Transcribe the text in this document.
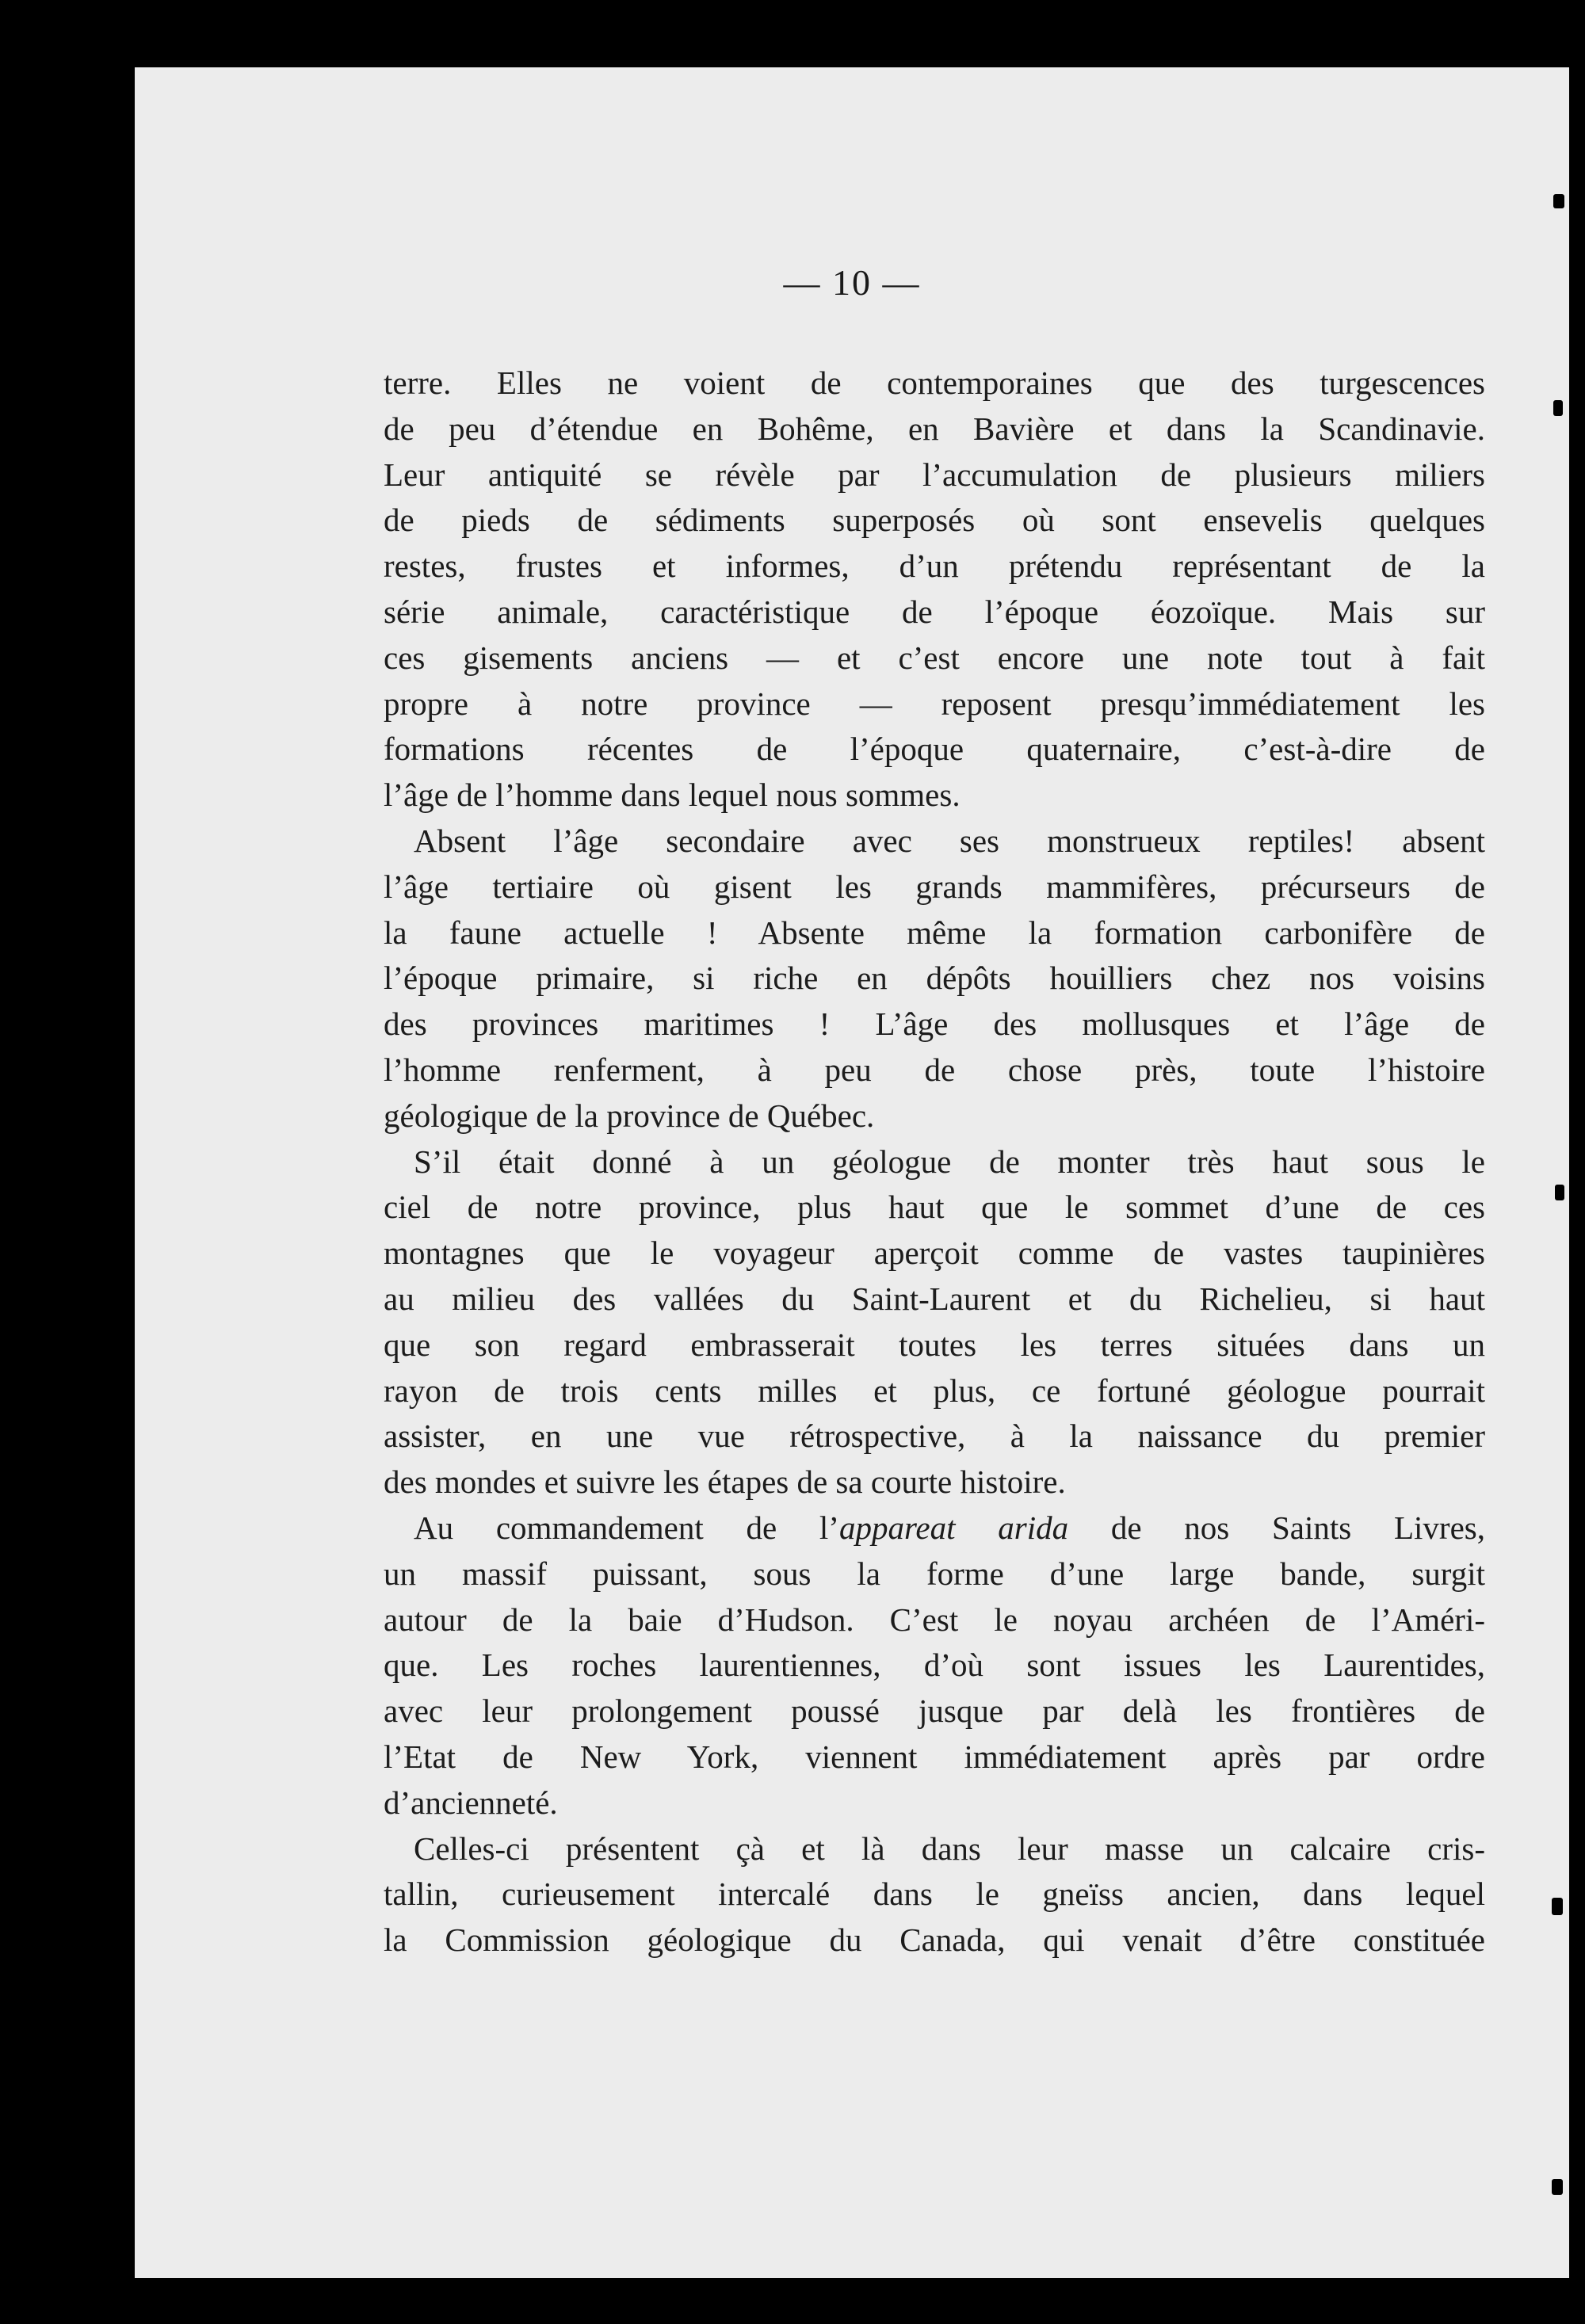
— 10 —

terre. Elles ne voient de contemporaines que des turgescences
de peu d’étendue en Bohême, en Bavière et dans la Scandinavie.
Leur antiquité se révèle par l’accumulation de plusieurs miliers
de pieds de sédiments superposés où sont ensevelis quelques
restes, frustes et informes, d’un prétendu représentant de la
série animale, caractéristique de l’époque éozoïque. Mais sur
ces gisements anciens — et c’est encore une note tout à fait
propre à notre province — reposent presqu’immédiatement les
formations récentes de l’époque quaternaire, c’est-à-dire de
l’âge de l’homme dans lequel nous sommes.

Absent l’âge secondaire avec ses monstrueux reptiles! absent
l’âge tertiaire où gisent les grands mammifères, précurseurs de
la faune actuelle ! Absente même la formation carbonifère de
l’époque primaire, si riche en dépôts houilliers chez nos voisins
des provinces maritimes ! L’âge des mollusques et l’âge de
l’homme renferment, à peu de chose près, toute l’histoire
géologique de la province de Québec.

S’il était donné à un géologue de monter très haut sous le
ciel de notre province, plus haut que le sommet d’une de ces
montagnes que le voyageur aperçoit comme de vastes taupinières
au milieu des vallées du Saint-Laurent et du Richelieu, si haut
que son regard embrasserait toutes les terres situées dans un
rayon de trois cents milles et plus, ce fortuné géologue pourrait
assister, en une vue rétrospective, à la naissance du premier
des mondes et suivre les étapes de sa courte histoire.

Au commandement de l’appareat arida de nos Saints Livres,
un massif puissant, sous la forme d’une large bande, surgit
autour de la baie d’Hudson. C’est le noyau archéen de l’Améri-
que. Les roches laurentiennes, d’où sont issues les Laurentides,
avec leur prolongement poussé jusque par delà les frontières de
l’Etat de New York, viennent immédiatement après par ordre
d’ancienneté.

Celles-ci présentent çà et là dans leur masse un calcaire cris-
tallin, curieusement intercalé dans le gneïss ancien, dans lequel
la Commission géologique du Canada, qui venait d’être constituée
